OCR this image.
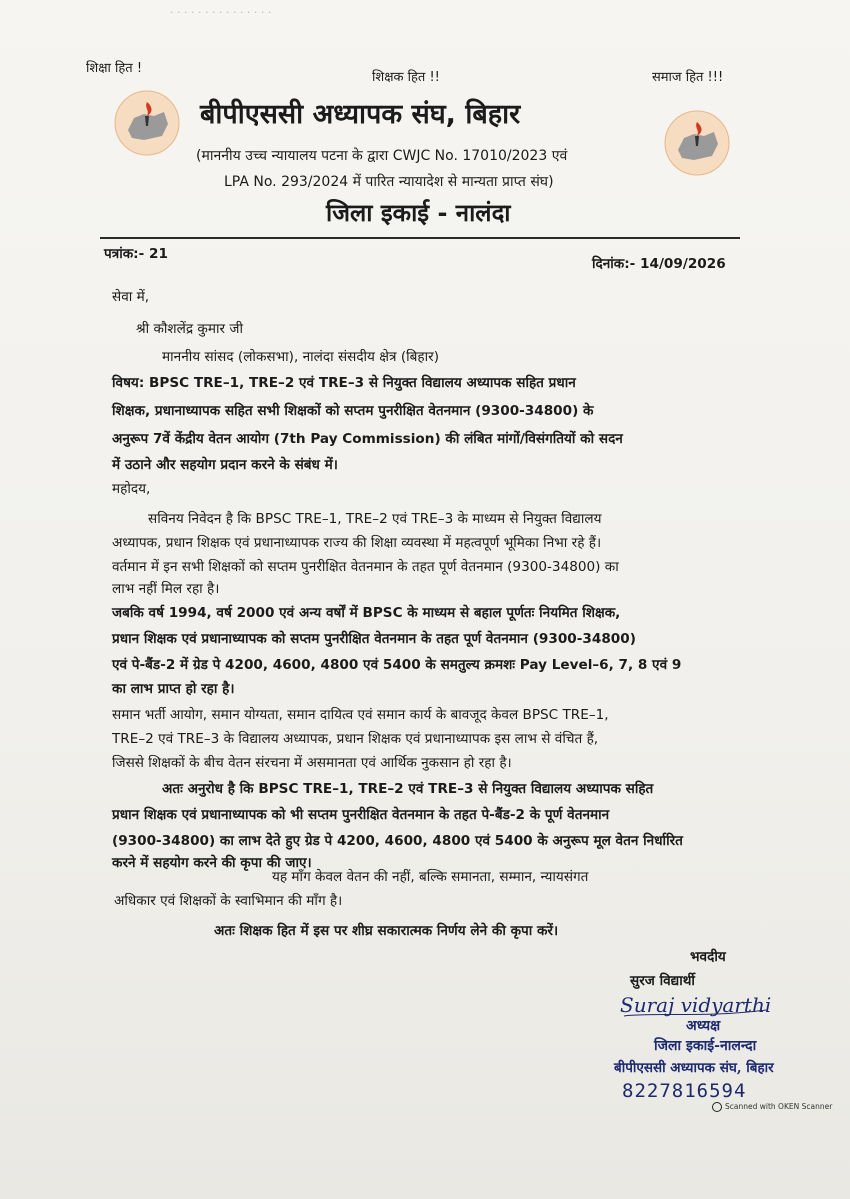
· · · · · · · · · · · · · · ·
शिक्षा हित !
शिक्षक हित !!	समाज हित !!!
बीपीएससी अध्यापक संघ, बिहार
(माननीय उच्च न्यायालय पटना के द्वारा CWJC No. 17010/2023 एवं
LPA No. 293/2024 में पारित न्यायादेश से मान्यता प्राप्त संघ)
जिला इकाई - नालंदा
पत्रांक:- 21
दिनांक:- 14/09/2026
सेवा में,
श्री कौशलेंद्र कुमार जी
माननीय सांसद (लोकसभा), नालंदा संसदीय क्षेत्र (बिहार)
विषय: BPSC TRE–1, TRE–2 एवं TRE–3 से नियुक्त विद्यालय अध्यापक सहित प्रधान
शिक्षक, प्रधानाध्यापक सहित सभी शिक्षकों को सप्तम पुनरीक्षित वेतनमान (9300-34800) के
अनुरूप 7वें केंद्रीय वेतन आयोग (7th Pay Commission) की लंबित मांगों/विसंगतियों को सदन
में उठाने और सहयोग प्रदान करने के संबंध में।
महोदय,
सविनय निवेदन है कि BPSC TRE–1, TRE–2 एवं TRE–3 के माध्यम से नियुक्त विद्यालय
अध्यापक, प्रधान शिक्षक एवं प्रधानाध्यापक राज्य की शिक्षा व्यवस्था में महत्वपूर्ण भूमिका निभा रहे हैं।
वर्तमान में इन सभी शिक्षकों को सप्तम पुनरीक्षित वेतनमान के तहत पूर्ण वेतनमान (9300-34800) का
लाभ नहीं मिल रहा है।
जबकि वर्ष 1994, वर्ष 2000 एवं अन्य वर्षों में BPSC के माध्यम से बहाल पूर्णतः नियमित शिक्षक,
प्रधान शिक्षक एवं प्रधानाध्यापक को सप्तम पुनरीक्षित वेतनमान के तहत पूर्ण वेतनमान (9300-34800)
एवं पे-बैंड-2 में ग्रेड पे 4200, 4600, 4800 एवं 5400 के समतुल्य क्रमशः Pay Level–6, 7, 8 एवं 9
का लाभ प्राप्त हो रहा है।
समान भर्ती आयोग, समान योग्यता, समान दायित्व एवं समान कार्य के बावजूद केवल BPSC TRE–1,
TRE–2 एवं TRE–3 के विद्यालय अध्यापक, प्रधान शिक्षक एवं प्रधानाध्यापक इस लाभ से वंचित हैं,
जिससे शिक्षकों के बीच वेतन संरचना में असमानता एवं आर्थिक नुकसान हो रहा है।
अतः अनुरोध है कि BPSC TRE–1, TRE–2 एवं TRE–3 से नियुक्त विद्यालय अध्यापक सहित
प्रधान शिक्षक एवं प्रधानाध्यापक को भी सप्तम पुनरीक्षित वेतनमान के तहत पे-बैंड-2 के पूर्ण वेतनमान
(9300-34800) का लाभ देते हुए ग्रेड पे 4200, 4600, 4800 एवं 5400 के अनुरूप मूल वेतन निर्धारित
करने में सहयोग करने की कृपा की जाए।
यह माँग केवल वेतन की नहीं, बल्कि समानता, सम्मान, न्यायसंगत
अधिकार एवं शिक्षकों के स्वाभिमान की माँग है।
अतः शिक्षक हित में इस पर शीघ्र सकारात्मक निर्णय लेने की कृपा करें।
भवदीय
सुरज विद्यार्थी
Suraj vidyarthi
अध्यक्ष
जिला इकाई-नालन्दा
बीपीएससी अध्यापक संघ, बिहार
8227816594
Scanned with OKEN Scanner
